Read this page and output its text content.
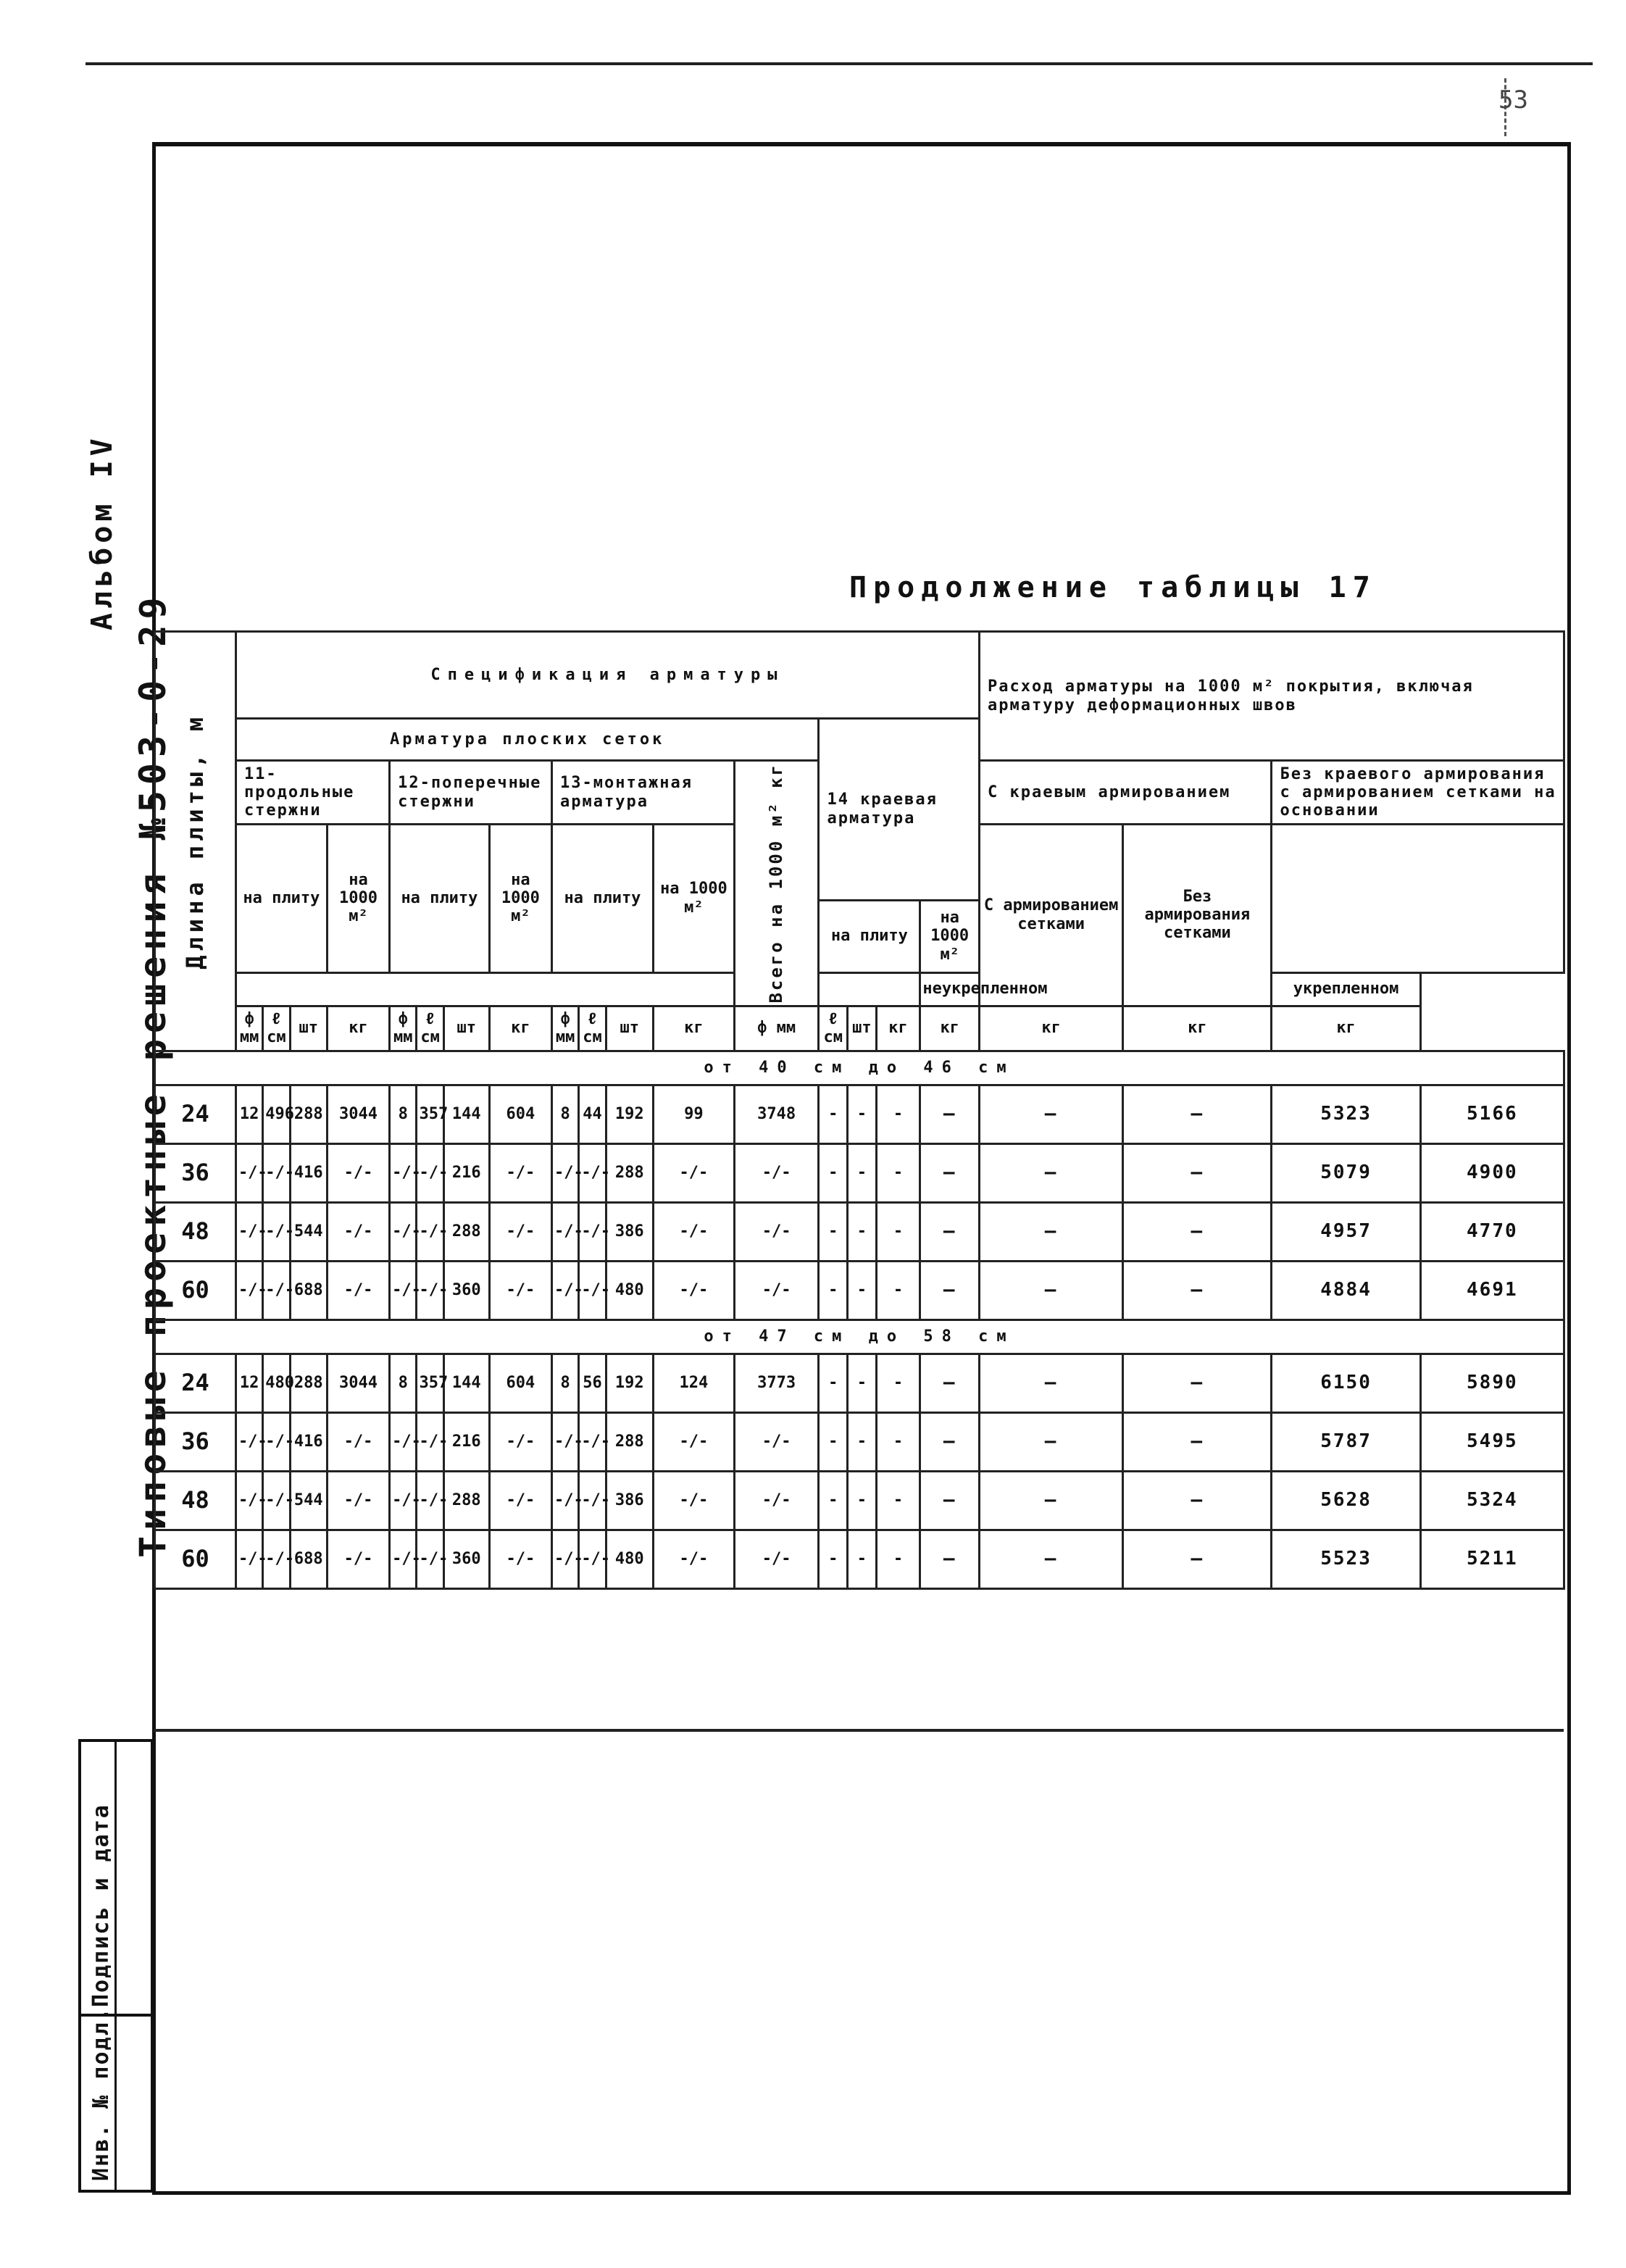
53
Альбом IV
Типовые проектные решения №503-0-29
Подпись и дата
Инв. № подл.
Продолжение таблицы 17
Длина плиты, м	Спецификация арматуры																	Расход арматуры на 1000 м² покрытия, включая арматуру деформационных швов			
	Арматура плоских сеток													14 краевая арматура							
	11-продольные стержни				12-поперечные стержни				13-монтажная арматура				Всего на 1000 м² кг					С краевым армированием		Без краевого армирования с армированием сетками на основании	
	на плиту			на 1000 м²	на плиту			на 1000 м²	на плиту			на 1000 м²						С армированием сетками	Без армирования сетками		
														на плиту			на 1000 м²				
																	неукрепленном			укрепленном	
	ф мм	ℓ см	шт	кг	ф мм	ℓ см	шт	кг	ф мм	ℓ см	шт	кг	ф мм	ℓ см	шт	кг	кг	кг	кг	кг	
от 40 см до 46 см																					
24	12	496	288	3044	8	357	144	604	8	44	192	99	3748	-	-	-	—	—	—	5323	5166
36	-/-	-/-	416	-/-	-/-	-/-	216	-/-	-/-	-/-	288	-/-	-/-	-	-	-	—	—	—	5079	4900
48	-/-	-/-	544	-/-	-/-	-/-	288	-/-	-/-	-/-	386	-/-	-/-	-	-	-	—	—	—	4957	4770
60	-/-	-/-	688	-/-	-/-	-/-	360	-/-	-/-	-/-	480	-/-	-/-	-	-	-	—	—	—	4884	4691
от 47 см до 58 см																					
24	12	480	288	3044	8	357	144	604	8	56	192	124	3773	-	-	-	—	—	—	6150	5890
36	-/-	-/-	416	-/-	-/-	-/-	216	-/-	-/-	-/-	288	-/-	-/-	-	-	-	—	—	—	5787	5495
48	-/-	-/-	544	-/-	-/-	-/-	288	-/-	-/-	-/-	386	-/-	-/-	-	-	-	—	—	—	5628	5324
60	-/-	-/-	688	-/-	-/-	-/-	360	-/-	-/-	-/-	480	-/-	-/-	-	-	-	—	—	—	5523	5211
